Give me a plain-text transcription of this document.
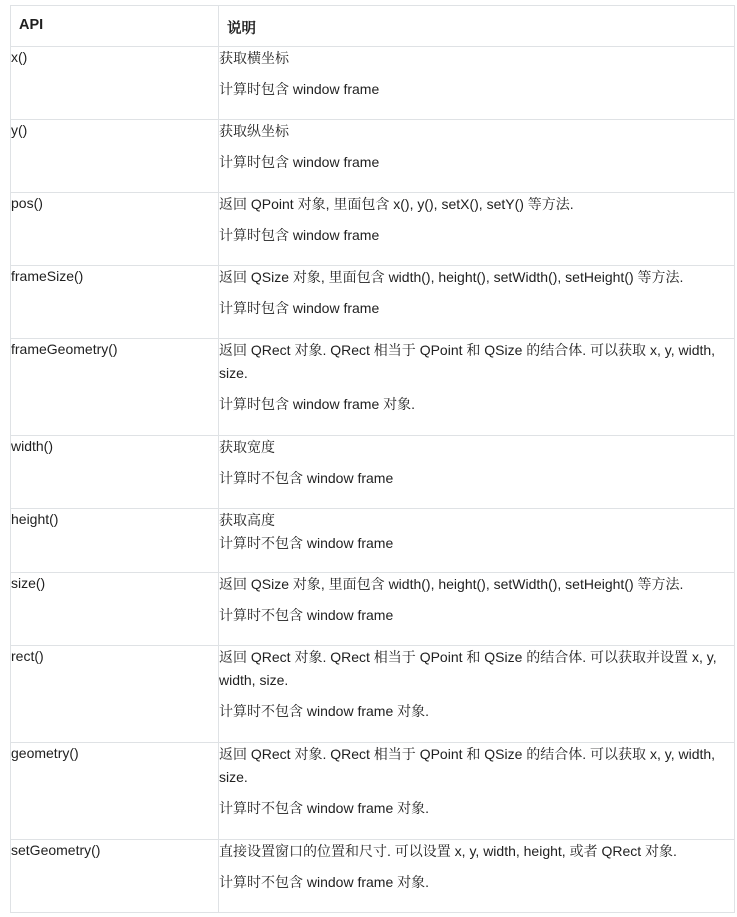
API	说明
x()	获取横坐标
计算时包含 window frame

y()	获取纵坐标
计算时包含 window frame

pos()	返回 QPoint 对象, 里面包含 x(), y(), setX(), setY() 等方法.
计算时包含 window frame

frameSize()	返回 QSize 对象, 里面包含 width(), height(), setWidth(), setHeight() 等方法.
计算时包含 window frame

frameGeometry()	返回 QRect 对象. QRect 相当于 QPoint 和 QSize 的结合体. 可以获取 x, y, width, size.
计算时包含 window frame 对象.

width()	获取宽度
计算时不包含 window frame

height()	获取高度
计算时不包含 window frame

size()	返回 QSize 对象, 里面包含 width(), height(), setWidth(), setHeight() 等方法.
计算时不包含 window frame

rect()	返回 QRect 对象. QRect 相当于 QPoint 和 QSize 的结合体. 可以获取并设置 x, y, width, size.
计算时不包含 window frame 对象.

geometry()	返回 QRect 对象. QRect 相当于 QPoint 和 QSize 的结合体. 可以获取 x, y, width, size.
计算时不包含 window frame 对象.

setGeometry()	直接设置窗口的位置和尺寸. 可以设置 x, y, width, height, 或者 QRect 对象.
计算时不包含 window frame 对象.
